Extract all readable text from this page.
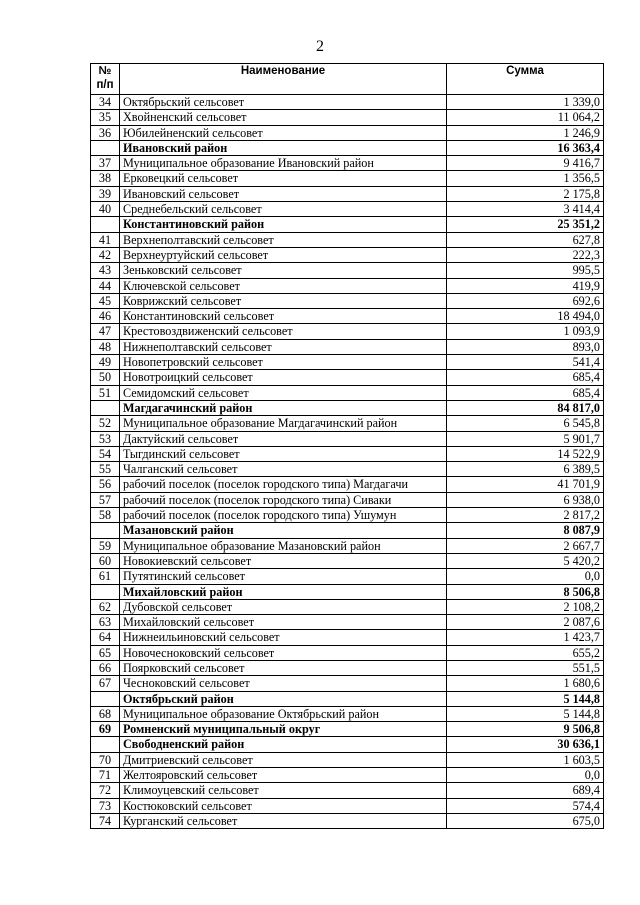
2
№
п/п	Наименование	Сумма
34	Октябрьский сельсовет	1 339,0
35	Хвойненский сельсовет	11 064,2
36	Юбилейненский сельсовет	1 246,9
	Ивановский район	16 363,4
37	Муниципальное образование Ивановский район	9 416,7
38	Ерковецкий сельсовет	1 356,5
39	Ивановский сельсовет	2 175,8
40	Среднебельский сельсовет	3 414,4
	Константиновский район	25 351,2
41	Верхнеполтавский сельсовет	627,8
42	Верхнеуртуйский сельсовет	222,3
43	Зеньковский сельсовет	995,5
44	Ключевской сельсовет	419,9
45	Коврижский сельсовет	692,6
46	Константиновский сельсовет	18 494,0
47	Крестовоздвиженский сельсовет	1 093,9
48	Нижнеполтавский сельсовет	893,0
49	Новопетровский сельсовет	541,4
50	Новотроицкий сельсовет	685,4
51	Семидомский сельсовет	685,4
	Магдагачинский район	84 817,0
52	Муниципальное образование Магдагачинский район	6 545,8
53	Дактуйский сельсовет	5 901,7
54	Тыгдинский сельсовет	14 522,9
55	Чалганский сельсовет	6 389,5
56	рабочий поселок (поселок городского типа) Магдагачи	41 701,9
57	рабочий поселок (поселок городского типа) Сиваки	6 938,0
58	рабочий поселок (поселок городского типа) Ушумун	2 817,2
	Мазановский район	8 087,9
59	Муниципальное образование Мазановский район	2 667,7
60	Новокиевский сельсовет	5 420,2
61	Путятинский сельсовет	0,0
	Михайловский район	8 506,8
62	Дубовской сельсовет	2 108,2
63	Михайловский сельсовет	2 087,6
64	Нижнеильиновский сельсовет	1 423,7
65	Новочесноковский сельсовет	655,2
66	Поярковский сельсовет	551,5
67	Чесноковский сельсовет	1 680,6
	Октябрьский район	5 144,8
68	Муниципальное образование Октябрьский район	5 144,8
69	Ромненский муниципальный округ	9 506,8
	Свободненский район	30 636,1
70	Дмитриевский сельсовет	1 603,5
71	Желтояровский сельсовет	0,0
72	Климоуцевский сельсовет	689,4
73	Костюковский сельсовет	574,4
74	Курганский сельсовет	675,0
